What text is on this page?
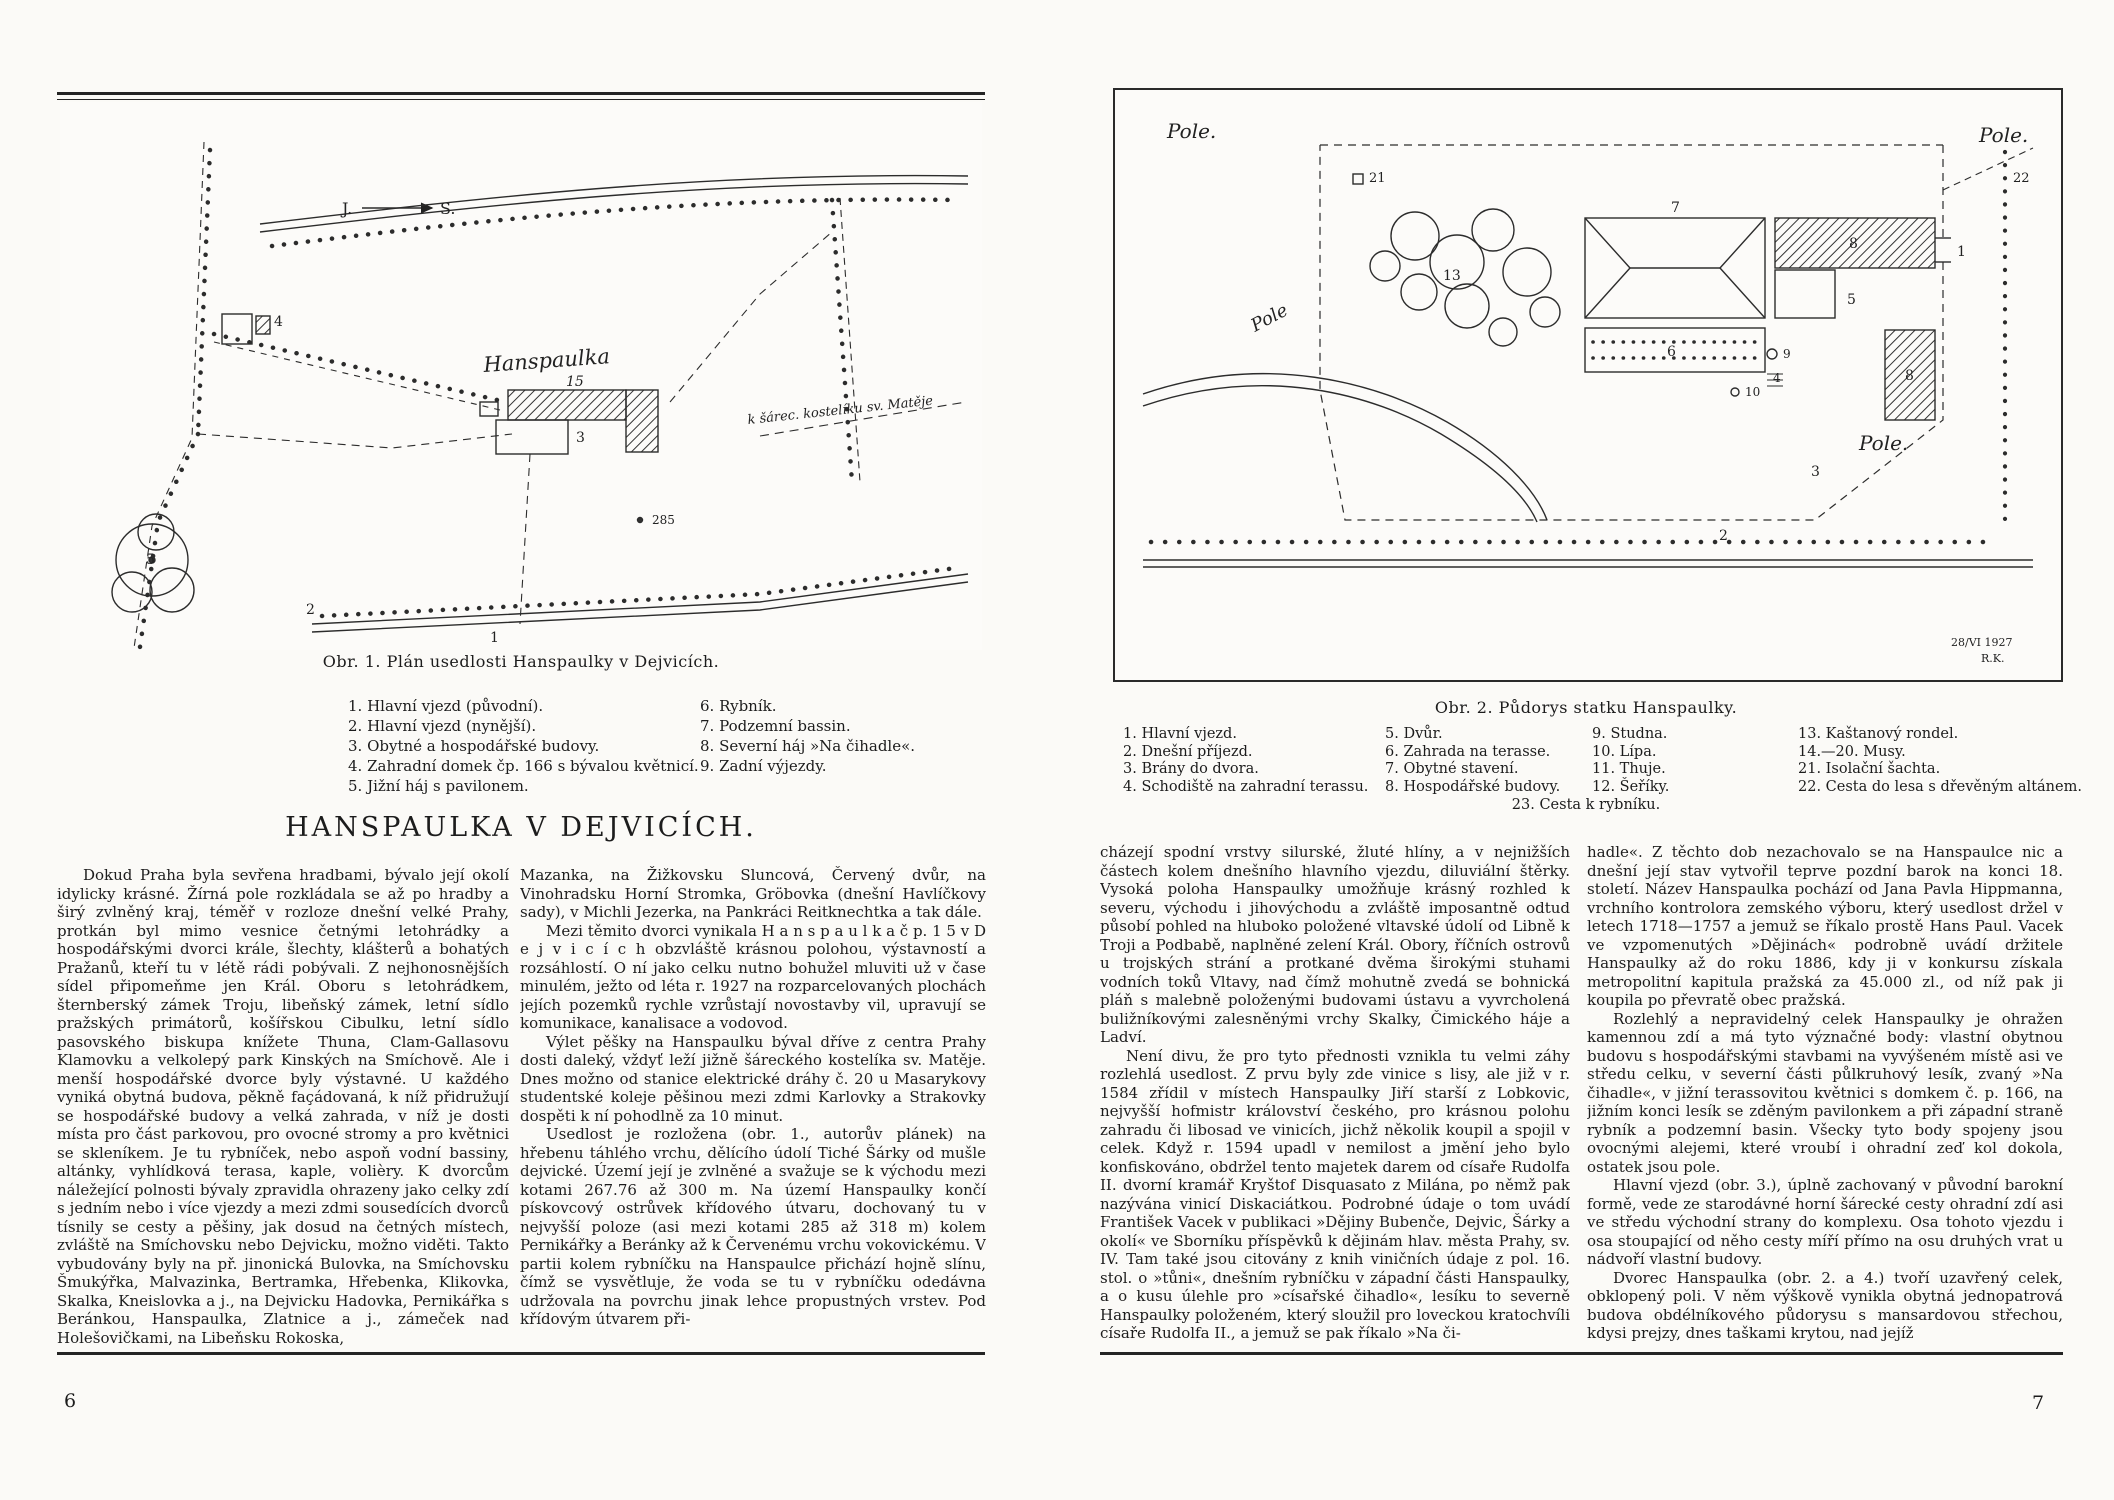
J.	S.
Hanspaulka
15
3
4
5
1
2
285
k šárec. kostelíku sv. Matěje
Obr. 1. Plán usedlosti Hanspaulky v Dejvicích.
1. Hlavní vjezd (původní).
2. Hlavní vjezd (nynější).
3. Obytné a hospodářské budovy.
4. Zahradní domek čp. 166 s bývalou květnicí.
5. Jižní háj s pavilonem.
6. Rybník.
7. Podzemní bassin.
8. Severní háj »Na čihadle«.
9. Zadní výjezdy.
HANSPAULKA V DEJVICÍCH.

Dokud Praha byla sevřena hradbami, bývalo její okolí idylicky krásné. Žírná pole rozkládala se až po hradby a širý zvlněný kraj, téměř v rozloze dnešní velké Prahy, protkán byl mimo vesnice četnými letohrádky a hospodářskými dvorci krále, šlechty, klášterů a bohatých Pražanů, kteří tu v létě rádi pobývali. Z nejhonosnějších sídel připomeňme jen Král. Oboru s letohrádkem, šternberský zámek Troju, libeňský zámek, letní sídlo pražských primátorů, košířskou Cibulku, letní sídlo pasovského biskupa knížete Thuna, Clam-Gallasovu Klamovku a velkolepý park Kinských na Smíchově. Ale i menší hospodářské dvorce byly výstavné. U každého vyniká obytná budova, pěkně façádovaná, k níž přidružují se hospodářské budovy a velká zahrada, v níž je dosti místa pro část parkovou, pro ovocné stromy a pro květnici se skleníkem. Je tu rybníček, nebo aspoň vodní bassiny, altánky, vyhlídková terasa, kaple, volièry. K dvorcům náležející polnosti bývaly zpravidla ohrazeny jako celky zdí s jedním nebo i více vjezdy a mezi zdmi sousedících dvorců tísnily se cesty a pěšiny, jak dosud na četných místech, zvláště na Smíchovsku nebo Dejvicku, možno viděti. Takto vybudovány byly na př. jinonická Bulovka, na Smíchovsku Šmukýřka, Malvazinka, Bertramka, Hřebenka, Klikovka, Skalka, Kneislovka a j., na Dejvicku Hadovka, Pernikářka s Beránkou, Hanspaulka, Zlatnice a j., zámeček nad Holešovičkami, na Libeňsku Rokoska,

Mazanka, na Žižkovsku Sluncová, Červený dvůr, na Vinohradsku Horní Stromka, Gröbovka (dnešní Havlíčkovy sady), v Michli Jezerka, na Pankráci Reitknechtka a tak dále.

Mezi těmito dvorci vynikala H a n s p a u l k a č p. 1 5 v D e j v i c í c h obzvláště krásnou polohou, výstavností a rozsáhlostí. O ní jako celku nutno bohužel mluviti už v čase minulém, ježto od léta r. 1927 na rozparcelovaných plochách jejích pozemků rychle vzrůstají novostavby vil, upravují se komunikace, kanalisace a vodovod.

Výlet pěšky na Hanspaulku býval dříve z centra Prahy dosti daleký, vždyť leží jižně šáreckého kostelíka sv. Matěje. Dnes možno od stanice elektrické dráhy č. 20 u Masarykovy studentské koleje pěšinou mezi zdmi Karlovky a Strakovky dospěti k ní pohodlně za 10 minut.

Usedlost je rozložena (obr. 1., autorův plánek) na hřebenu táhlého vrchu, dělícího údolí Tiché Šárky od mušle dejvické. Území její je zvlněné a svažuje se k východu mezi kotami 267.76 až 300 m. Na území Hanspaulky končí pískovcový ostrůvek křídového útvaru, dochovaný tu v nejvyšší poloze (asi mezi kotami 285 až 318 m) kolem Pernikářky a Beránky až k Červenému vrchu vokovickému. V partii kolem rybníčku na Hanspaulce přichází hojně slínu, čímž se vysvětluje, že voda se tu v rybníčku odedávna udržovala na povrchu jinak lehce propustných vrstev. Pod křídovým útvarem při-

6
Pole.	Pole.
Pole.
Pole
13
7
8
8
5
6	9
10
4
1
2
3
21	22
28/VI 1927
R.K.
Obr. 2. Půdorys statku Hanspaulky.
1. Hlavní vjezd.
2. Dnešní příjezd.
3. Brány do dvora.
4. Schodiště na zahradní terassu.
5. Dvůr.
6. Zahrada na terasse.
7. Obytné stavení.
8. Hospodářské budovy.
9. Studna.
10. Lípa.
11. Thuje.
12. Šeříky.
13. Kaštanový rondel.
14.—20. Musy.
21. Isolační šachta.
22. Cesta do lesa s dřevěným altánem.
23. Cesta k rybníku.

cházejí spodní vrstvy silurské, žluté hlíny, a v nejnižších částech kolem dnešního hlavního vjezdu, diluviální štěrky. Vysoká poloha Hanspaulky umožňuje krásný rozhled k severu, východu i jihovýchodu a zvláště imposantně odtud působí pohled na hluboko položené vltavské údolí od Libně k Troji a Podbabě, naplněné zelení Král. Obory, říčních ostrovů u trojských strání a protkané dvěma širokými stuhami vodních toků Vltavy, nad čímž mohutně zvedá se bohnická pláň s malebně položenými budovami ústavu a vyvrcholená buližníkovými zalesněnými vrchy Skalky, Čimického háje a Ladví.

Není divu, že pro tyto přednosti vznikla tu velmi záhy rozlehlá usedlost. Z prvu byly zde vinice s lisy, ale již v r. 1584 zřídil v místech Hanspaulky Jiří starší z Lobkovic, nejvyšší hofmistr království českého, pro krásnou polohu zahradu či libosad ve vinicích, jichž několik koupil a spojil v celek. Když r. 1594 upadl v nemilost a jmění jeho bylo konfiskováno, obdržel tento majetek darem od císaře Rudolfa II. dvorní kramář Kryštof Disquasato z Milána, po němž pak nazývána vinicí Diskaciátkou. Podrobné údaje o tom uvádí František Vacek v publikaci »Dějiny Bubenče, Dejvic, Šárky a okolí« ve Sborníku příspěvků k dějinám hlav. města Prahy, sv. IV. Tam také jsou citovány z knih viničních údaje z pol. 16. stol. o »tůni«, dnešním rybníčku v západní části Hanspaulky, a o kusu úlehle pro »císařské čihadlo«, lesíku to severně Hanspaulky položeném, který sloužil pro loveckou kratochvíli císaře Rudolfa II., a jemuž se pak říkalo »Na či-

hadle«. Z těchto dob nezachovalo se na Hanspaulce nic a dnešní její stav vytvořil teprve pozdní barok na konci 18. století. Název Hanspaulka pochází od Jana Pavla Hippmanna, vrchního kontrolora zemského výboru, který usedlost držel v letech 1718—1757 a jemuž se říkalo prostě Hans Paul. Vacek ve vzpomenutých »Dějinách« podrobně uvádí držitele Hanspaulky až do roku 1886, kdy ji v konkursu získala metropolitní kapitula pražská za 45.000 zl., od níž pak ji koupila po převratě obec pražská.

Rozlehlý a nepravidelný celek Hanspaulky je ohražen kamennou zdí a má tyto význačné body: vlastní obytnou budovu s hospodářskými stavbami na vyvýšeném místě asi ve středu celku, v severní části půlkruhový lesík, zvaný »Na čihadle«, v jižní terassovitou květnici s domkem č. p. 166, na jižním konci lesík se zděným pavilonkem a při západní straně rybník a podzemní basin. Všecky tyto body spojeny jsou ovocnými alejemi, které vroubí i ohradní zeď kol dokola, ostatek jsou pole.

Hlavní vjezd (obr. 3.), úplně zachovaný v původní barokní formě, vede ze starodávné horní šárecké cesty ohradní zdí asi ve středu východní strany do komplexu. Osa tohoto vjezdu i osa stoupající od něho cesty míří přímo na osu druhých vrat u nádvoří vlastní budovy.

Dvorec Hanspaulka (obr. 2. a 4.) tvoří uzavřený celek, obklopený poli. V něm výškově vynikla obytná jednopatrová budova obdélníkového půdorysu s mansardovou střechou, kdysi prejzy, dnes taškami krytou, nad jejíž

7
